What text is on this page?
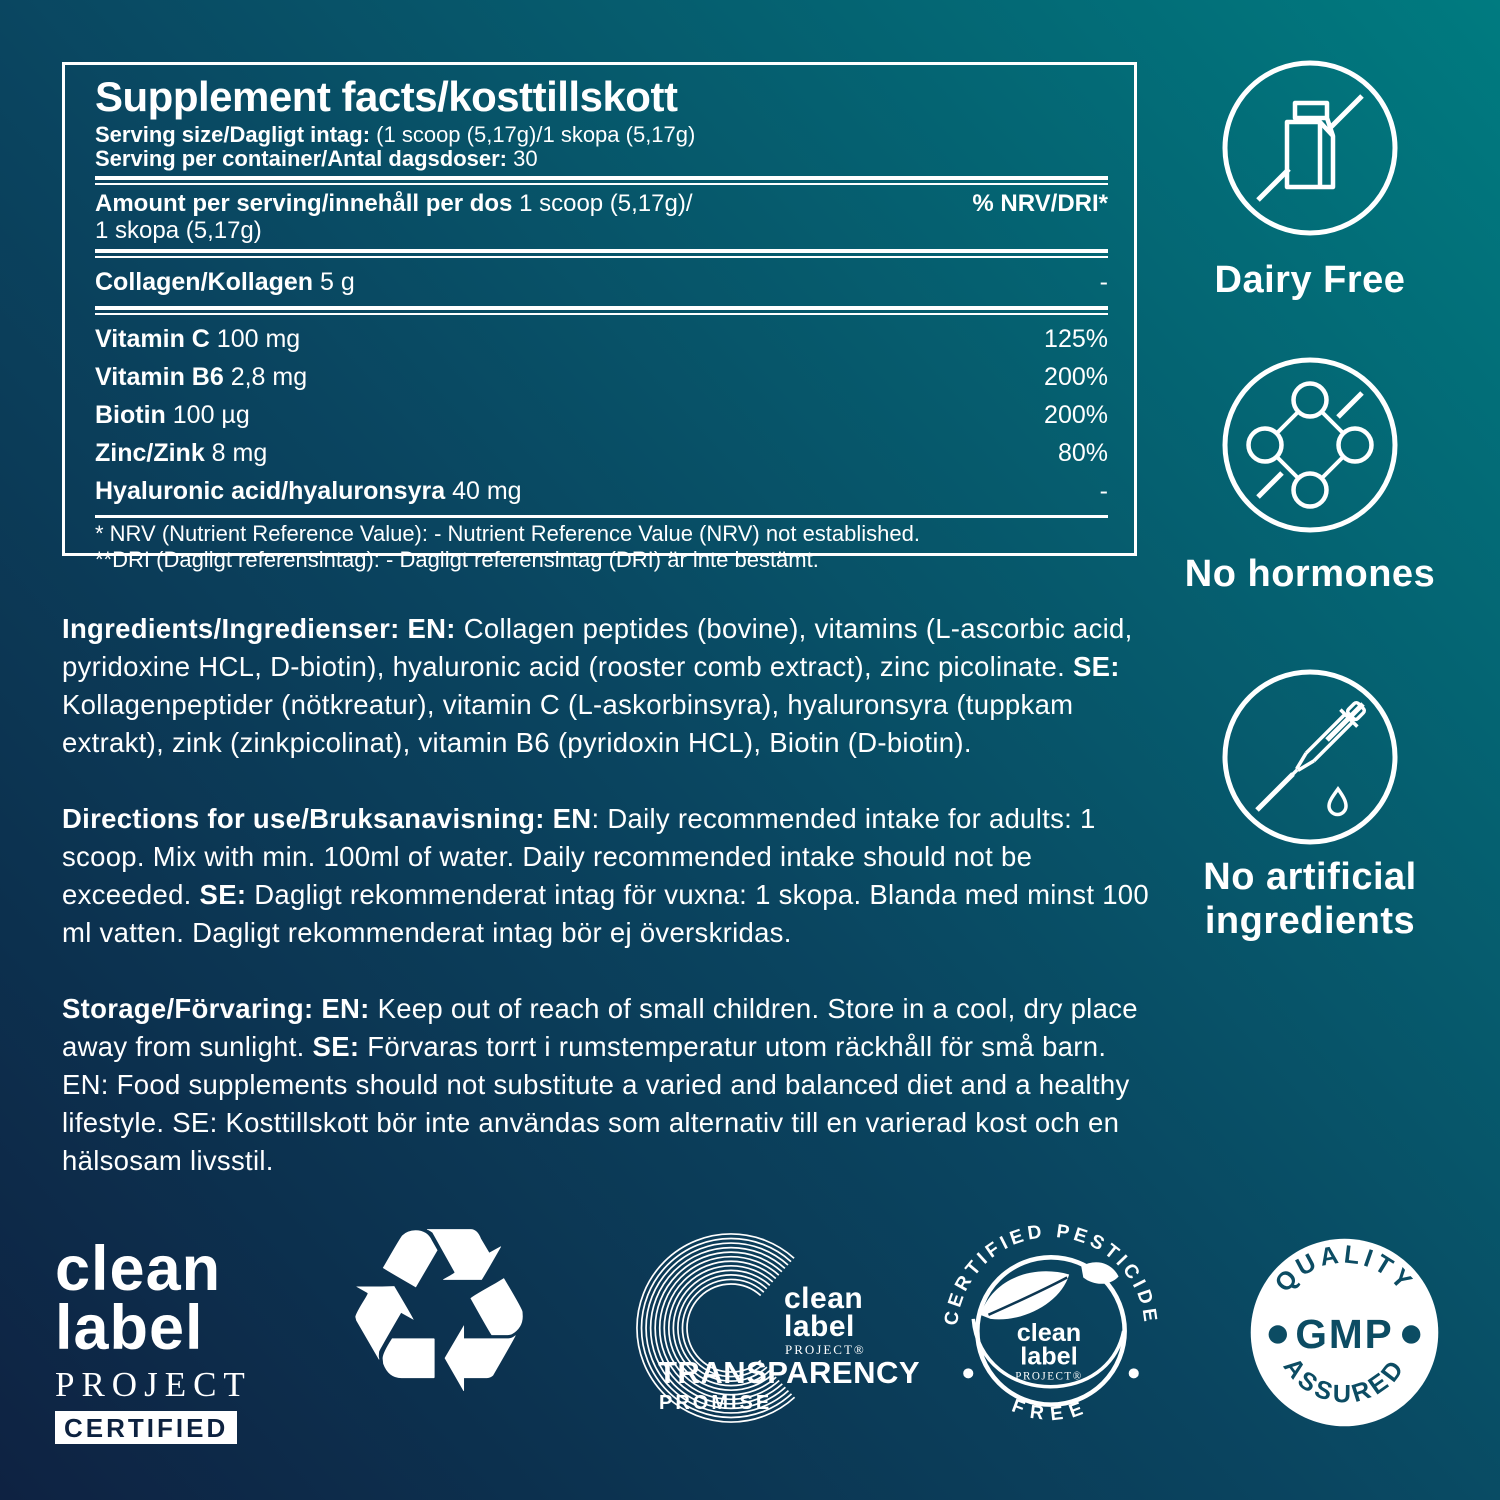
Supplement facts/kosttillskott
Serving size/Dagligt intag: (1 scoop (5,17g)/1 skopa (5,17g)
Serving per container/Antal dagsdoser: 30
Amount per serving/innehåll per dos 1 scoop (5,17g)/	% NRV/DRI*
1 skopa (5,17g)
Collagen/Kollagen 5 g	-
Vitamin C 100 mg	125%
Vitamin B6 2,8 mg	200%
Biotin 100 µg	200%
Zinc/Zink 8 mg	80%
Hyaluronic acid/hyaluronsyra 40 mg	-
* NRV (Nutrient Reference Value): - Nutrient Reference Value (NRV) not established.
**DRI (Dagligt referensintag): - Dagligt referensintag (DRI) är inte bestämt.
Dairy Free
No hormones
No artificial ingredients

Ingredients/Ingredienser: EN: Collagen peptides (bovine), vitamins (L-ascorbic acid, pyridoxine HCL, D-biotin), hyaluronic acid (rooster comb extract), zinc picolinate. SE: Kollagenpeptider (nötkreatur), vitamin C (L-askorbinsyra), hyaluronsyra (tuppkam extrakt), zink (zinkpicolinat), vitamin B6 (pyridoxin HCL), Biotin (D-biotin).

Directions for use/Bruksanavisning: EN: Daily recommended intake for adults: 1 scoop. Mix with min. 100ml of water. Daily recommended intake should not be exceeded. SE: Dagligt rekommenderat intag för vuxna: 1 skopa. Blanda med minst 100 ml vatten. Dagligt rekommenderat intag bör ej överskridas.

Storage/Förvaring: EN: Keep out of reach of small children. Store in a cool, dry place away from sunlight. SE: Förvaras torrt i rumstemperatur utom räckhåll för små barn. EN: Food supplements should not substitute a varied and balanced diet and a healthy lifestyle. SE: Kosttillskott bör inte användas som alternativ till en varierad kost och en hälsosam livsstil.

clean
label
PROJECT
CERTIFIED ♻	clean
label
PROJECT®
TRANSPARENCY
PROMISE
CERTIFIED PESTICIDE
FREE
clean
label
PROJECT®
QUALITY
GMP
ASSURED
